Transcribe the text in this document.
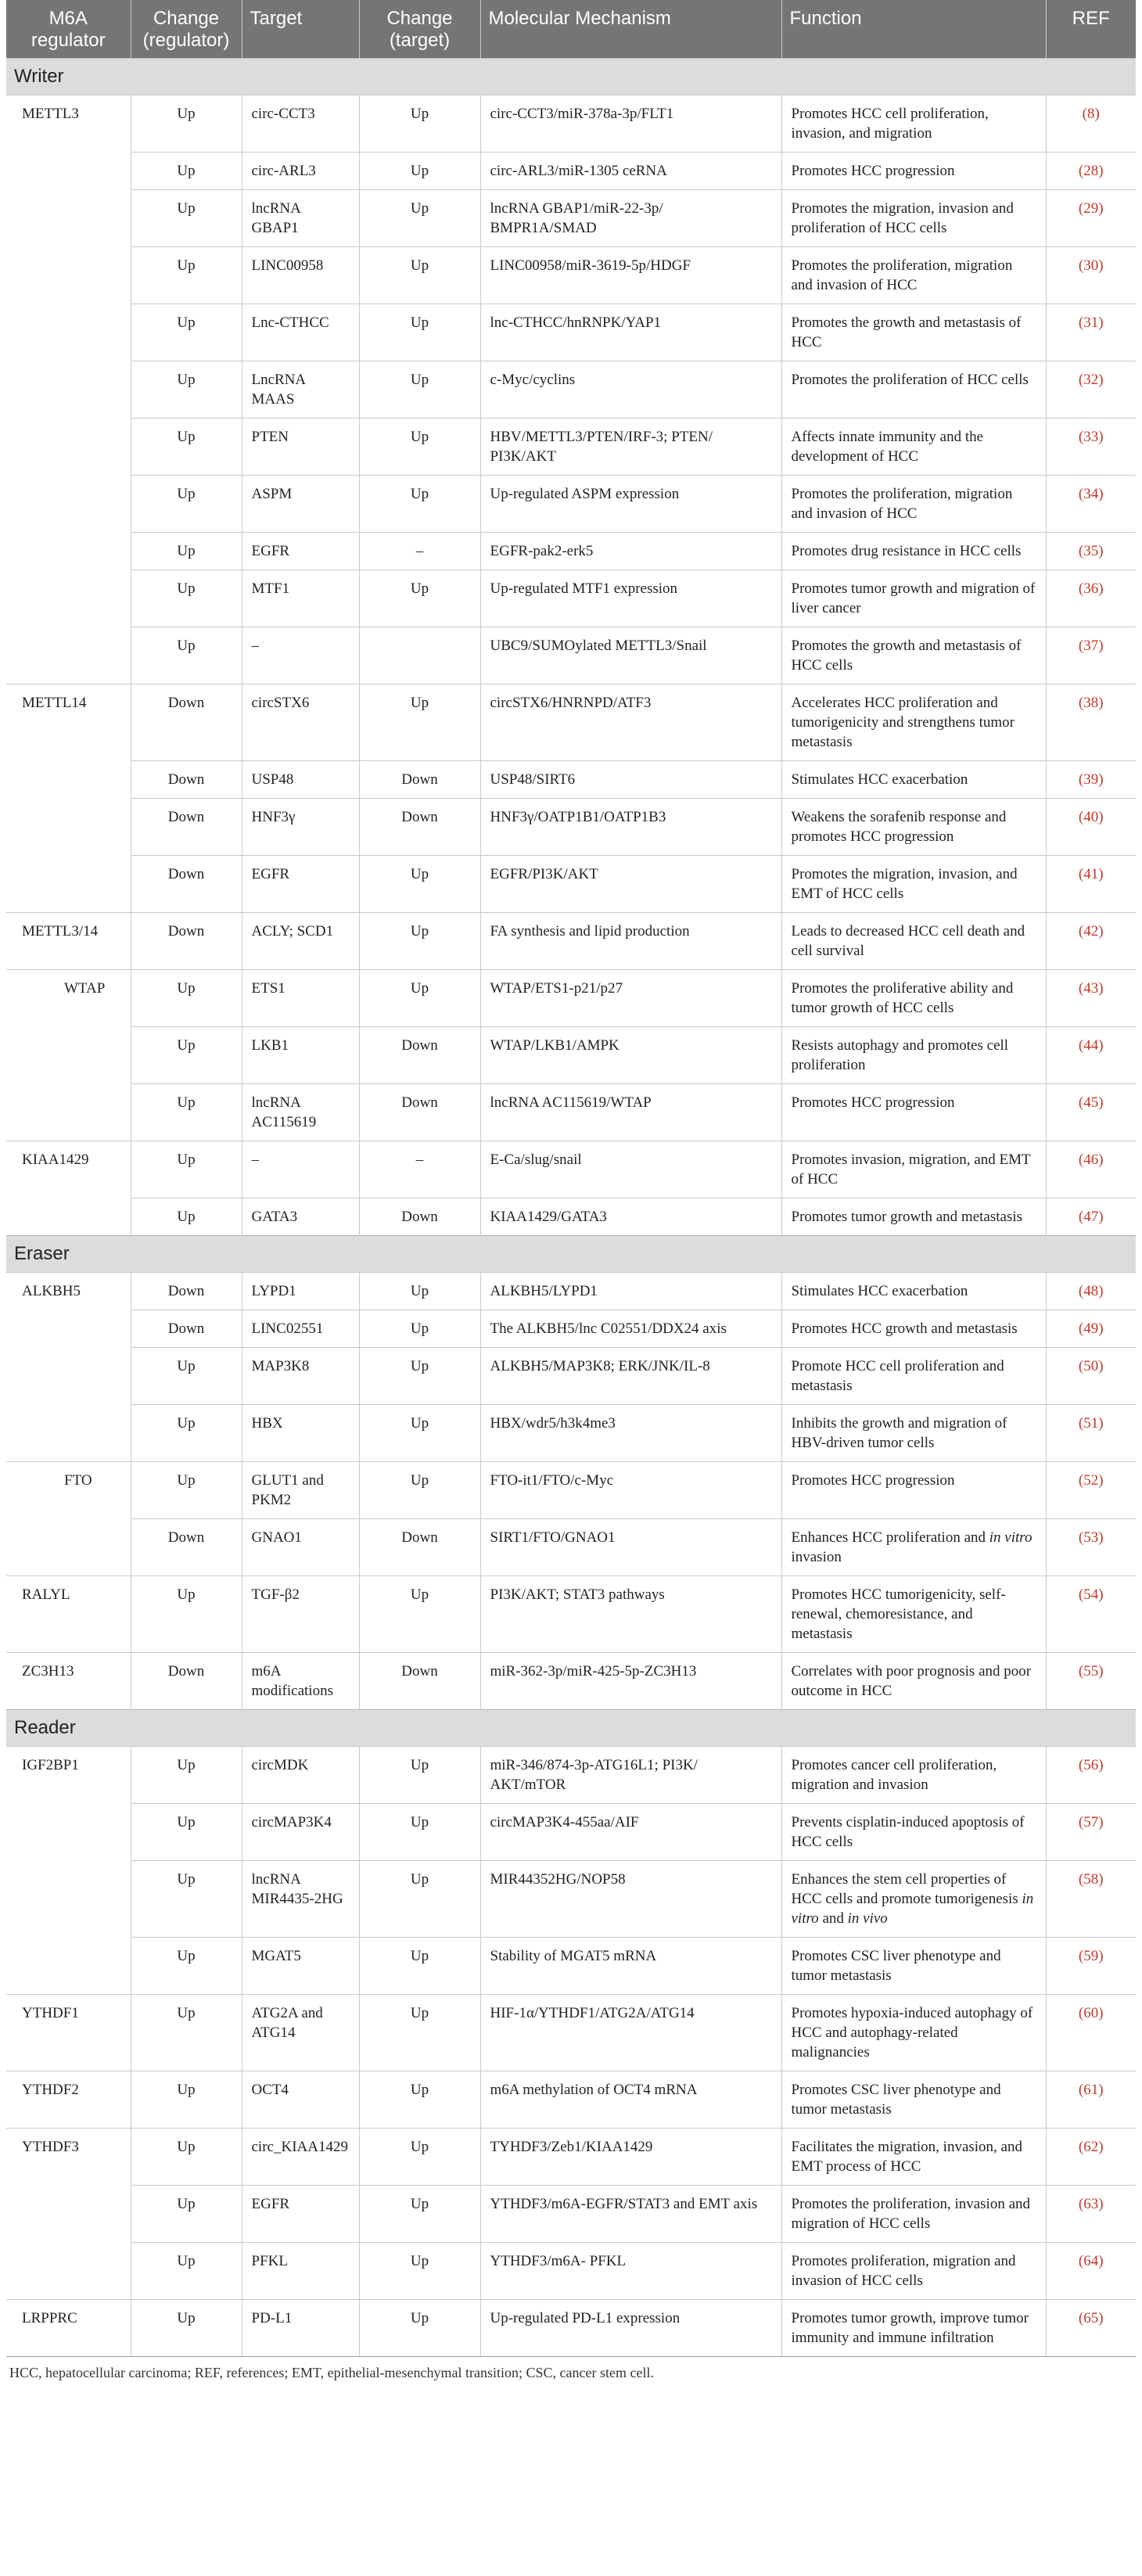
M6A regulator	Change (regulator)	Target	Change (target)	Molecular Mechanism	Function	REF
Writer						
METTL3	Up	circ-CCT3	Up	circ-CCT3/miR-378a-3p/FLT1	Promotes HCC cell proliferation, invasion, and migration	(8)
	Up	circ-ARL3	Up	circ-ARL3/miR-1305 ceRNA	Promotes HCC progression	(28)
	Up	lncRNA GBAP1	Up	lncRNA GBAP1/miR-22-3p/ BMPR1A/SMAD	Promotes the migration, invasion and proliferation of HCC cells	(29)
	Up	LINC00958	Up	LINC00958/miR-3619-5p/HDGF	Promotes the proliferation, migration and invasion of HCC	(30)
	Up	Lnc-CTHCC	Up	lnc-CTHCC/hnRNPK/YAP1	Promotes the growth and metastasis of HCC	(31)
	Up	LncRNA MAAS	Up	c-Myc/cyclins	Promotes the proliferation of HCC cells	(32)
	Up	PTEN	Up	HBV/METTL3/PTEN/IRF-3; PTEN/ PI3K/AKT	Affects innate immunity and the development of HCC	(33)
	Up	ASPM	Up	Up-regulated ASPM expression	Promotes the proliferation, migration and invasion of HCC	(34)
	Up	EGFR	–	EGFR-pak2-erk5	Promotes drug resistance in HCC cells	(35)
	Up	MTF1	Up	Up-regulated MTF1 expression	Promotes tumor growth and migration of liver cancer	(36)
	Up	–		UBC9/SUMOylated METTL3/Snail	Promotes the growth and metastasis of HCC cells	(37)
METTL14	Down	circSTX6	Up	circSTX6/HNRNPD/ATF3	Accelerates HCC proliferation and tumorigenicity and strengthens tumor metastasis	(38)
	Down	USP48	Down	USP48/SIRT6	Stimulates HCC exacerbation	(39)
	Down	HNF3γ	Down	HNF3γ/OATP1B1/OATP1B3	Weakens the sorafenib response and promotes HCC progression	(40)
	Down	EGFR	Up	EGFR/PI3K/AKT	Promotes the migration, invasion, and EMT of HCC cells	(41)
METTL3/14	Down	ACLY; SCD1	Up	FA synthesis and lipid production	Leads to decreased HCC cell death and cell survival	(42)
WTAP	Up	ETS1	Up	WTAP/ETS1-p21/p27	Promotes the proliferative ability and tumor growth of HCC cells	(43)
	Up	LKB1	Down	WTAP/LKB1/AMPK	Resists autophagy and promotes cell proliferation	(44)
	Up	lncRNA AC115619	Down	lncRNA AC115619/WTAP	Promotes HCC progression	(45)
KIAA1429	Up	–	–	E-Ca/slug/snail	Promotes invasion, migration, and EMT of HCC	(46)
	Up	GATA3	Down	KIAA1429/GATA3	Promotes tumor growth and metastasis	(47)
Eraser						
ALKBH5	Down	LYPD1	Up	ALKBH5/LYPD1	Stimulates HCC exacerbation	(48)
	Down	LINC02551	Up	The ALKBH5/lnc C02551/DDX24 axis	Promotes HCC growth and metastasis	(49)
	Up	MAP3K8	Up	ALKBH5/MAP3K8; ERK/JNK/IL-8	Promote HCC cell proliferation and metastasis	(50)
	Up	HBX	Up	HBX/wdr5/h3k4me3	Inhibits the growth and migration of HBV-driven tumor cells	(51)
FTO	Up	GLUT1 and PKM2	Up	FTO-it1/FTO/c-Myc	Promotes HCC progression	(52)
	Down	GNAO1	Down	SIRT1/FTO/GNAO1	Enhances HCC proliferation and in vitro invasion	(53)
RALYL	Up	TGF-β2	Up	PI3K/AKT; STAT3 pathways	Promotes HCC tumorigenicity, self-renewal, chemoresistance, and metastasis	(54)
ZC3H13	Down	m6A modifications	Down	miR-362-3p/miR-425-5p-ZC3H13	Correlates with poor prognosis and poor outcome in HCC	(55)
Reader						
IGF2BP1	Up	circMDK	Up	miR-346/874-3p-ATG16L1; PI3K/ AKT/mTOR	Promotes cancer cell proliferation, migration and invasion	(56)
	Up	circMAP3K4	Up	circMAP3K4-455aa/AIF	Prevents cisplatin-induced apoptosis of HCC cells	(57)
	Up	lncRNA MIR4435-2HG	Up	MIR44352HG/NOP58	Enhances the stem cell properties of HCC cells and promote tumorigenesis in vitro and in vivo	(58)
	Up	MGAT5	Up	Stability of MGAT5 mRNA	Promotes CSC liver phenotype and tumor metastasis	(59)
YTHDF1	Up	ATG2A and ATG14	Up	HIF-1α/YTHDF1/ATG2A/ATG14	Promotes hypoxia-induced autophagy of HCC and autophagy-related malignancies	(60)
YTHDF2	Up	OCT4	Up	m6A methylation of OCT4 mRNA	Promotes CSC liver phenotype and tumor metastasis	(61)
YTHDF3	Up	circ_KIAA1429	Up	TYHDF3/Zeb1/KIAA1429	Facilitates the migration, invasion, and EMT process of HCC	(62)
	Up	EGFR	Up	YTHDF3/m6A-EGFR/STAT3 and EMT axis	Promotes the proliferation, invasion and migration of HCC cells	(63)
	Up	PFKL	Up	YTHDF3/m6A- PFKL	Promotes proliferation, migration and invasion of HCC cells	(64)
LRPPRC	Up	PD-L1	Up	Up-regulated PD-L1 expression	Promotes tumor growth, improve tumor immunity and immune infiltration	(65)
HCC, hepatocellular carcinoma; REF, references; EMT, epithelial-mesenchymal transition; CSC, cancer stem cell.
